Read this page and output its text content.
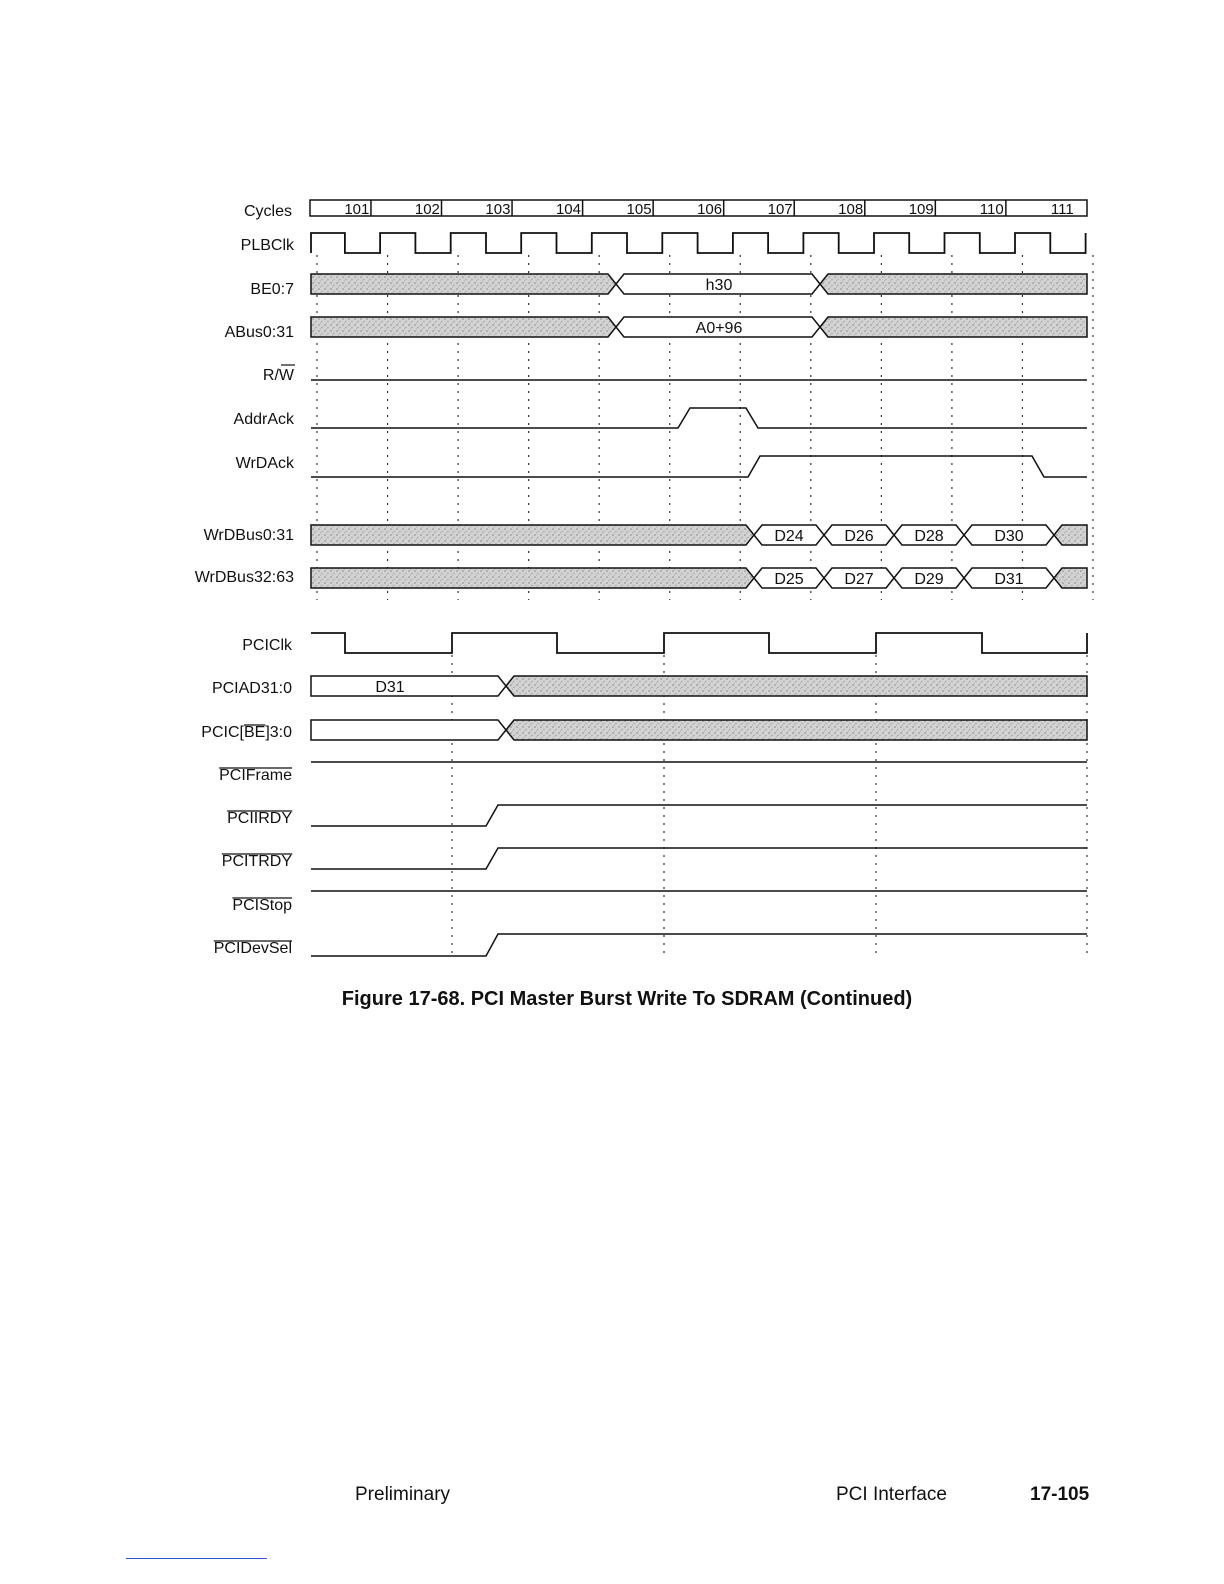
Cycles
PLBClk
BE0:7
ABus0:31
R/W
AddrAck
WrDAck
WrDBus0:31
WrDBus32:63
PCIClk
PCIAD31:0
PCIC[BE]3:0
PCIFrame
PCIIRDY
PCITRDY
PCIStop
PCIDevSel
101	102	103	104	105	106	107	108	109	110	111
h30
A0+96
D24	D26	D28	D30
D25	D27	D29	D31
D31
Figure 17-68. PCI Master Burst Write To SDRAM (Continued)
Preliminary	PCI Interface	17-105
